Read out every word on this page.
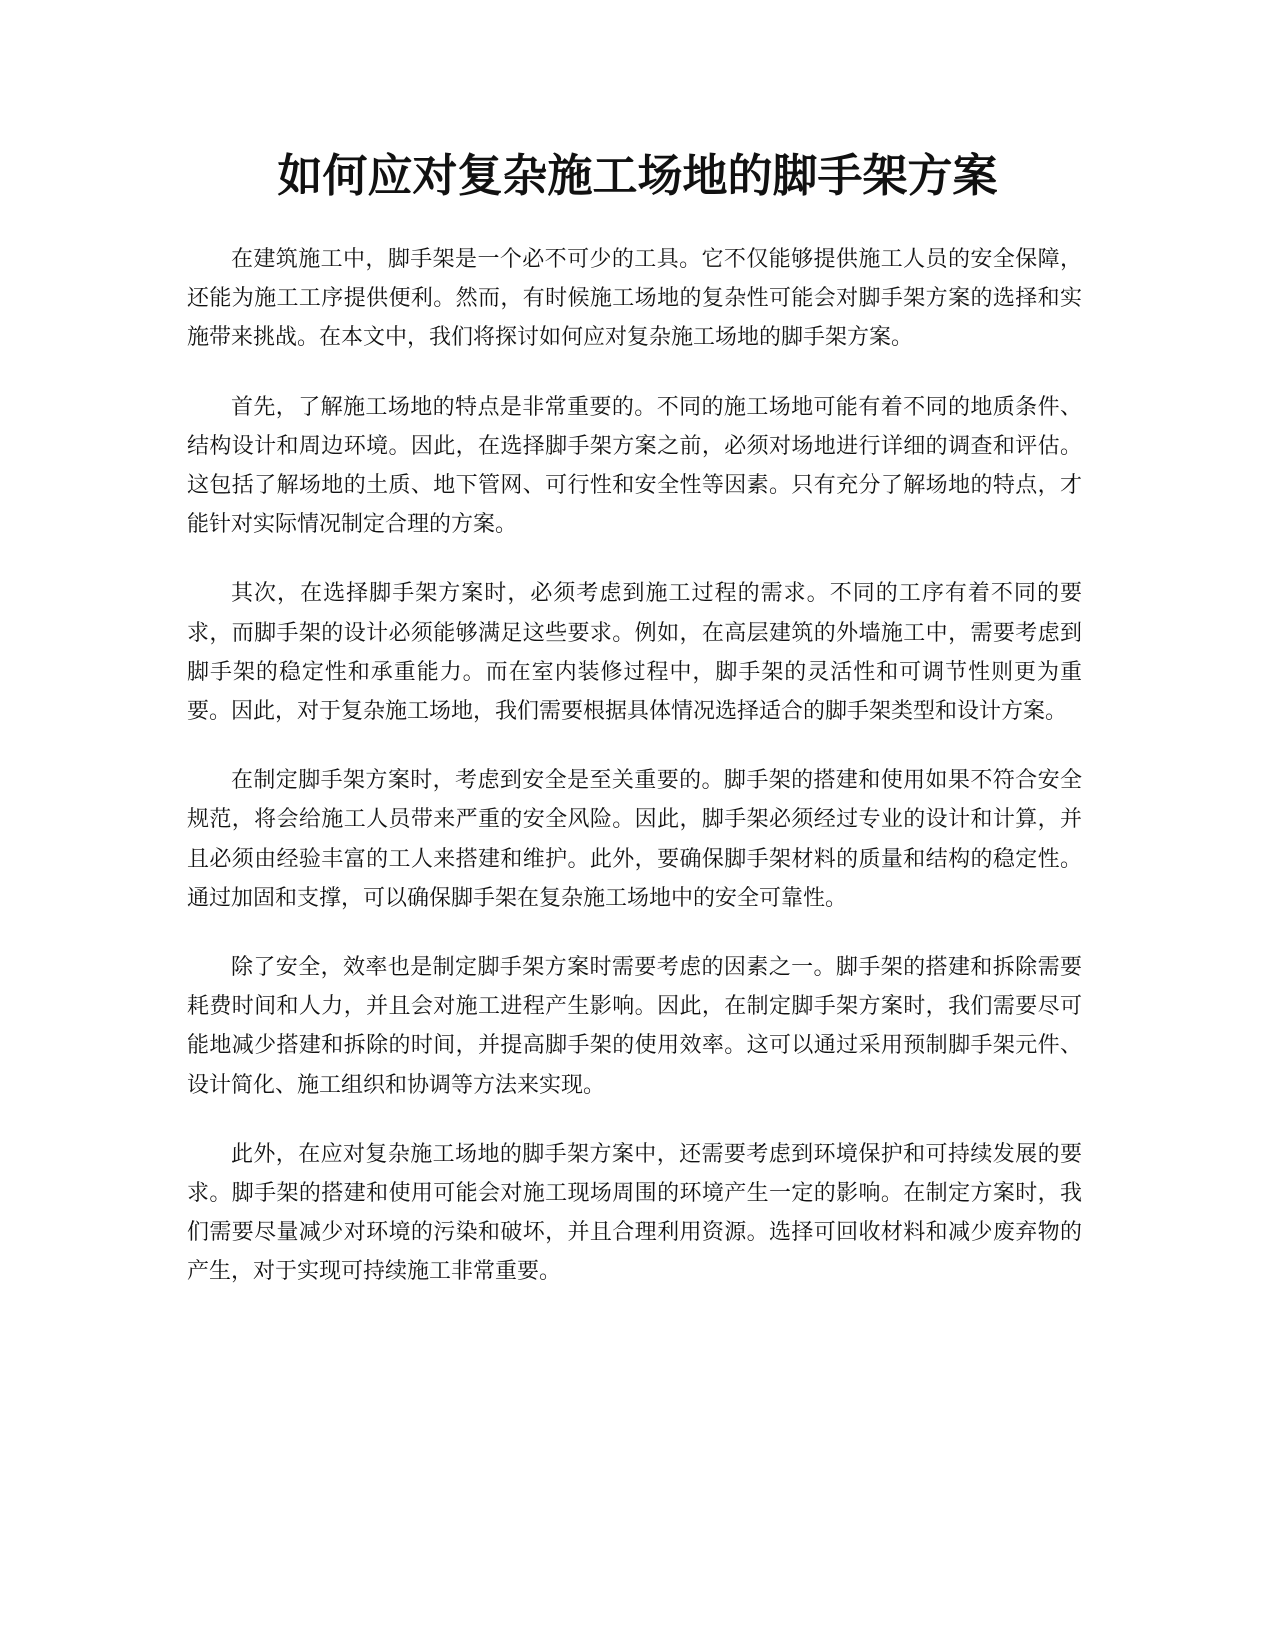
如何应对复杂施工场地的脚手架方案

在建筑施工中，脚手架是一个必不可少的工具。它不仅能够提供施工人员的安全保障，还能为施工工序提供便利。然而，有时候施工场地的复杂性可能会对脚手架方案的选择和实施带来挑战。在本文中，我们将探讨如何应对复杂施工场地的脚手架方案。

首先，了解施工场地的特点是非常重要的。不同的施工场地可能有着不同的地质条件、结构设计和周边环境。因此，在选择脚手架方案之前，必须对场地进行详细的调查和评估。这包括了解场地的土质、地下管网、可行性和安全性等因素。只有充分了解场地的特点，才能针对实际情况制定合理的方案。

其次，在选择脚手架方案时，必须考虑到施工过程的需求。不同的工序有着不同的要求，而脚手架的设计必须能够满足这些要求。例如，在高层建筑的外墙施工中，需要考虑到脚手架的稳定性和承重能力。而在室内装修过程中，脚手架的灵活性和可调节性则更为重要。因此，对于复杂施工场地，我们需要根据具体情况选择适合的脚手架类型和设计方案。

在制定脚手架方案时，考虑到安全是至关重要的。脚手架的搭建和使用如果不符合安全规范，将会给施工人员带来严重的安全风险。因此，脚手架必须经过专业的设计和计算，并且必须由经验丰富的工人来搭建和维护。此外，要确保脚手架材料的质量和结构的稳定性。通过加固和支撑，可以确保脚手架在复杂施工场地中的安全可靠性。

除了安全，效率也是制定脚手架方案时需要考虑的因素之一。脚手架的搭建和拆除需要耗费时间和人力，并且会对施工进程产生影响。因此，在制定脚手架方案时，我们需要尽可能地减少搭建和拆除的时间，并提高脚手架的使用效率。这可以通过采用预制脚手架元件、设计简化、施工组织和协调等方法来实现。

此外，在应对复杂施工场地的脚手架方案中，还需要考虑到环境保护和可持续发展的要求。脚手架的搭建和使用可能会对施工现场周围的环境产生一定的影响。在制定方案时，我们需要尽量减少对环境的污染和破坏，并且合理利用资源。选择可回收材料和减少废弃物的产生，对于实现可持续施工非常重要。
